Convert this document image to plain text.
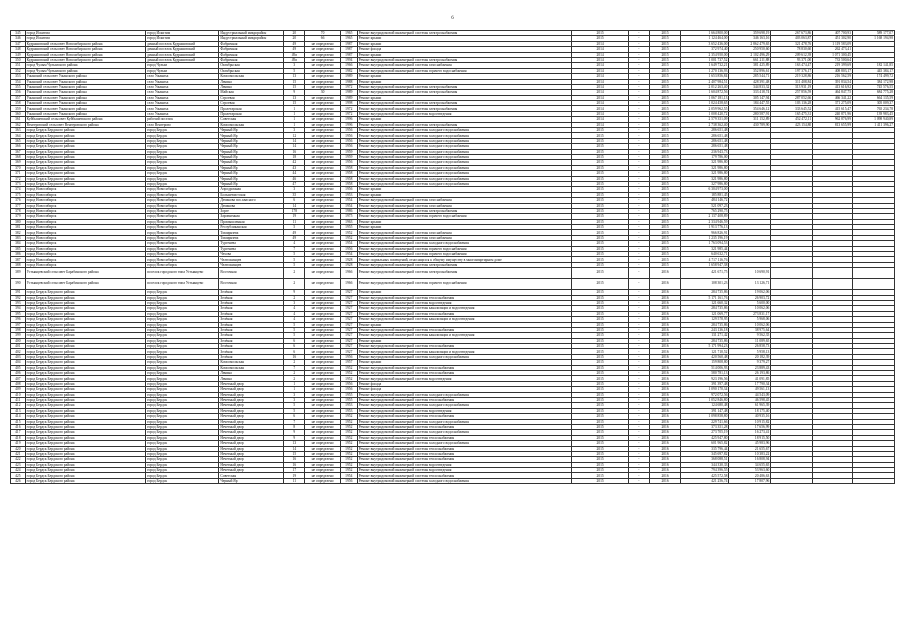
6
345	город Искитим	город Искитим	Индустриальный микрорайон	20	70	1965	Ремонт внутридомовой инженерной системы электроснабжения	2015	-	2015	1 664 800,00	359 698,19	267 673,86	407 700,93	589 177,07
346	город Искитим	город Искитим	Индустриальный микрорайон	20	66	1965	Ремонт крыши	2015	-	2015	1 124 464,00	346 163,16	403 063,87	451 302,90	1 168 194,98
347	Кудряшовский сельсовет Новосибирского района	дачный поселок Кудряшовский	Фабричная	49	не определено	1987	Ремонт крыши	2014	-	2015	3 652 436,00	2 862 479,65	321 478,76	1 119 583,09	
348	Кудряшовский сельсовет Новосибирского района	дачный поселок Кудряшовский	Фабричная	49	не определено	1987	Ремонт фасада	2014	-	2015	372 974,40	250 950,60	78 830,60	262 473,41	
349	Кудряшовский сельсовет Новосибирского района	дачный поселок Кудряшовский	Фабричная	49а	не определено	1987	Ремонт крыши	2014	-	2015	2 354 950,00	2 102 496,29	209 612,39	1 071 300,45	
350	Кудряшовский сельсовет Новосибирского района	дачный поселок Кудряшовский	Фабричная	49а	не определено	1994	Ремонт внутридомовой инженерной системы электроснабжения	2014	-	2015	1 001 737,52	661 211,88	93 371,00	733 500,64	
351	город Чулым Чулымского района	город Чулым	Октябрьская	3	не определено	1966	Ремонт внутридомовой инженерной системы газоснабжения	2014	-	2015	1 649 732,21	381 425,89	163 474,47	219 399,69	182 141,85
352	город Чулым Чулымского района	город Чулым	Октябрьская	5	не определено	1982	Ремонт внутридомовой инженерной системы горячего водоснабжения	2014	-	2015	1 270 136,93	352 896,61	197 376,17	408 803,17	445 384,17
353	Ужанский сельсовет Ужанского района	село Ужаниха	Комсомольская	13	не определено	1989	Ремонт крыши	2014	-	2015	1 653 856,84	285 544,71	219 328,86	216 562,59	174 499,72
354	Ужанский сельсовет Ужанского района	село Ужаниха	Ленина	15	не определено	1988	Ремонт крыши	2014	-	2015	2 407 984,51	428 391,48	311 408,84	391 834,54	384 172,98
355	Ужанский сельсовет Ужанского района	село Ужаниха	Ленина	15	не определено	1972	Ремонт внутридомовой инженерной системы электроснабжения	2014	-	2015	2 012 263,40	344 833,32	313 931,19	413 616,92	745 576,55
356	Ужанский сельсовет Ужанского района	село Ужаниха	Майская	9	30	1989	Ремонт внутридомовой инженерной системы электроснабжения	2014	-	2015	1 604 872,56	333 418,74	257 856,59	464 847,75	684 775,28
357	Ужанский сельсовет Ужанского района	село Ужаниха	Строевая	13	не определено	1989	Ремонт крыши	2014	-	2015	1 067 181,13	305 147,94	287 052,66	466 341,22	664 135,59
358	Ужанский сельсовет Ужанского района	село Ужаниха	Строевая	15	не определено	1998	Ремонт внутридомовой инженерной системы электроснабжения	2014	-	2015	1 024 458,65	184 447,55	103 136,28	371 275,09	305 009,37
359	Ужанский сельсовет Ужанского района	село Ужаниха	Пролетарская	1	не определено	1972	Ремонт внутридомовой инженерной системы электроснабжения	2014	-	2015	2 059 962,55	354 646,12	333 645,52	415 615,47	765 234,78
360	Ужанский сельсовет Ужанского района	село Ужаниха	Пролетарская	1	не определено	1972	Ремонт внутридомовой инженерной системы водоотведения	2014	-	2015	1 008 420,72	280 587,91	165 475,31	240 871,96	139 983,45
361	Куйбышевский сельсовет Куйбышевского района	рабочий поселок	Советская	1	не определено	1996	Ремонт крыши	2014	-	2015	2 579 351,09	311 152,89	452 472,11	962 876,99	1 098 940,89
362	Венгеровский сельсовет Венгеровского района	село Венгерово	Комсомольская	1	не определено	1996	Ремонт внутридомовой инженерной системы электроснабжения	2014	-	2015	2 738 362,40	430 789,90	423 154,80	813 655,99	1 411 396,27
363	город Бердск Бердского района	город Бердск	Черный Яр	3	не определено	1956	Ремонт внутридомовой инженерной системы холодного водоснабжения	2015	-	2015	286 651,48				
364	город Бердск Бердского района	город Бердск	Черный Яр	12	не определено	1956	Ремонт внутридомовой инженерной системы холодного водоснабжения	2015	-	2015	286 651,48				
365	город Бердск Бердского района	город Бердск	Черный Яр	14	не определено	1956	Ремонт внутридомовой инженерной системы холодного водоснабжения	2015	-	2015	286 651,48				
366	город Бердск Бердского района	город Бердск	Черный Яр	14	не определено	1956	Ремонт внутридомовой инженерной системы холодного водоснабжения	2015	-	2015	286 651,48				
367	город Бердск Бердского района	город Бердск	Черный Яр	16	не определено	1959	Ремонт внутридомовой инженерной системы холодного водоснабжения	2015	-	2015	236 943,73				
368	город Бердск Бердского района	город Бердск	Черный Яр	18	не определено	1959	Ремонт внутридомовой инженерной системы холодного водоснабжения	2015	-	2015	179 786,00				
369	город Бердск Бердского района	город Бердск	Черный Яр	42	не определено	1956	Ремонт внутридомовой инженерной системы холодного водоснабжения	2015	-	2015	321 986,80				
370	город Бердск Бердского района	город Бердск	Черный Яр	43	не определено	1958	Ремонт внутридомовой инженерной системы холодного водоснабжения	2015	-	2015	321 986,80				
371	город Бердск Бердского района	город Бердск	Черный Яр	44	не определено	1958	Ремонт внутридомовой инженерной системы холодного водоснабжения	2015	-	2015	321 986,80				
372	город Бердск Бердского района	город Бердск	Черный Яр	46	не определено	1958	Ремонт внутридомовой инженерной системы холодного водоснабжения	2015	-	2015	321 986,80				
373	город Бердск Бердского района	город Бердск	Черный Яр	47	не определено	1958	Ремонт внутридомовой инженерной системы холодного водоснабжения	2015	-	2015	327 986,80				
374	город Новосибирск	город Новосибирск	Аэродромная	3	не определено	1956	Ремонт крыши	2015	-	2015	6 304 973,00				
375	город Новосибирск	город Новосибирск	Большевистская	35	не определено	1953	Ремонт крыши	2015	-	2015	185 881,45				
376	город Новосибирск	город Новосибирск	Демакова пос.квасного	6	не определено	1954	Ремонт внутридомовой инженерной системы газоснабжения	2015	-	2015	484 146,72				
377	город Новосибирск	город Новосибирск	Демакова	14	не определено	1954	Ремонт внутридомовой инженерной системы газоснабжения	2015	-	2015	521 097,23				
378	город Новосибирск	город Новосибирск	Зорге	178	не определено	1986	Ремонт внутридомовой инженерной системы электроснабжения	2015	-	2015	765 290,75				
379	город Новосибирск	город Новосибирск	Заровненная	19	не определено	1975	Ремонт внутридомовой инженерной системы горячего водоснабжения	2015	-	2015	2 137 408,89				
380	город Новосибирск	город Новосибирск	Промышленная	11	не определено	1963	Ремонт крыши	2015	-	2015	2 334 946,59				
381	город Новосибирск	город Новосибирск	Республиканская	5	не определено	1955	Ремонт крыши	2015	-	2015	1 913 776,13				
382	город Новосибирск	город Новосибирск	Тимирязева	49	не определено	1952	Ремонт внутридомовой инженерной системы газоснабжения	2015	-	2015	966 826,91				
383	город Новосибирск	город Новосибирск	Тимирязева	49	не определено	1952	Ремонт внутридомовой инженерной системы газоснабжения	2015	-	2015	1 235 196,19				
384	город Новосибирск	город Новосибирск	Тургенева	4	не определено	1954	Ремонт внутридомовой инженерной системы холодного водоснабжения	2015	-	2015	1 763 094,53				
385	город Новосибирск	город Новосибирск	Тургенева	7	не определено	1956	Ремонт внутридомовой инженерной системы горячего водоснабжения	2015	-	2015	321 985,44				
386	город Новосибирск	город Новосибирск	Чехова	5	не определено	1954	Ремонт внутридомовой инженерной системы горячего водоснабжения	2015	-	2015	640 632,71				
387	город Новосибирск	город Новосибирск	Челюскинцев	5	не определено	1928	Ремонт подвальных помещений, относящихся к общему имуществу в многоквартирном доме	2015	-	2015	4 717 116,76				
388	город Новосибирск	город Новосибирск	Челюскинцев	5	не определено	1928	Ремонт внутридомовой инженерной системы электроснабжения	2015	-	2015	1 658 947,38				
389	Устьянцевский сельсовет Барабинского района	поселок городского типа Устьянцево	Восточная	2	не определено	1966	Ремонт внутридомовой инженерной системы электроснабжения	2015	-	2016	421 671,75	10 690,91			
390	Устьянцевский сельсовет Барабинского района	поселок городского типа Устьянцево	Восточная	2	не определено	1966	Ремонт внутридомовой инженерной системы горячего водоснабжения	2015	-	2016	108 301,23	13 126,71			
391	город Бердск Бердского района	город Бердск	Зелёная	9	не определено	1927	Ремонт крыши	2015	-	2016	284 735,86	19 062,06			
392	город Бердск Бердского района	город Бердск	Зелёная	2	не определено	1927	Ремонт внутридомовой инженерной системы теплоснабжения	2015	-	2016	5 171 161,76	26 903,72			
393	город Бердск Бердского района	город Бердск	Зелёная	3	не определено	1927	Ремонт внутридомовой инженерной системы водоотведения	2015	-	2016	121 660,32	5 600,00			
394	город Бердск Бердского района	город Бердск	Зелёная	4	не определено	1927	Ремонт внутридомовой инженерной системы канализации и водоотведения	2015	-	2016	284 735,86	10 062,06			
395	город Бердск Бердского района	город Бердск	Зелёная	4	не определено	1927	Ремонт внутридомовой инженерной системы теплоснабжения	2015	-	2016	121 069,77	273 831,17			
396	город Бердск Бердского района	город Бердск	Зелёная	4	не определено	1927	Ремонт внутридомовой инженерной системы канализации и водоотведения	2015	-	2016	129 578,95	5 968,06			
397	город Бердск Бердского района	город Бердск	Зелёная	5	не определено	1927	Ремонт крыши	2015	-	2016	284 735,86	10 062,06			
398	город Бердск Бердского района	город Бердск	Зелёная	5	не определено	1927	Ремонт внутридомовой инженерной системы теплоснабжения	2015	-	2016	243 136,18	38 975,64			
399	город Бердск Бердского района	город Бердск	Зелёная	5	не определено	1927	Ремонт внутридомовой инженерной системы канализации и водоотведения	2015	-	2016	131 271,42	9 562,35			
400	город Бердск Бердского района	город Бердск	Зелёная	6	не определено	1927	Ремонт крыши	2015	-	2016	284 735,86	11 089,65			
401	город Бердск Бердского района	город Бердск	Зелёная	6	не определено	1927	Ремонт внутридомовой инженерной системы теплоснабжения	2015	-	2016	5 171 994,23	26 858,73			
402	город Бердск Бердского района	город Бердск	Зелёная	6	не определено	1927	Ремонт внутридомовой инженерной системы канализации и водоотведения	2015	-	2016	121 710,52	5 958,13			
403	город Бердск Бердского района	город Бердск	Зелёная	16	не определено	1956	Ремонт внутридомовой инженерной системы холодного водоснабжения	2015	-	2016	420 560,48	20 182,39			
404	город Бердск Бердского района	город Бердск	Комсомольская	2	не определено	1957	Ремонт крыши	2015	-	2016	159 808,80	9 379,27			
405	город Бердск Бердского района	город Бердск	Комсомольская	7	не определено	1952	Ремонт внутридомовой инженерной системы теплоснабжения	2015	-	2016	514 006,93	23 889,43			
406	город Бердск Бердского района	город Бердск	Ленина	2	не определено	1952	Ремонт внутридомовой инженерной системы теплоснабжения	2015	-	2016	580 781,13	26 193,86			
407	город Бердск Бердского района	город Бердск	Ленина	2	не определено	1952	Ремонт внутридомовой инженерной системы водоотведения	2015	-	2016	923 196,56	41 091,85			
408	город Бердск Бердского района	город Бердск	Нечетный двор	1	не определено	1956	Ремонт фасада	2015	-	2016	391 397,48	17 790,34			
409	город Бердск Бердского района	город Бердск	Нечетный двор	1	не определено	1956	Ремонт фасада	2015	-	2016	1 090 170,34	49 561,13			
410	город Бердск Бердского района	город Бердск	Нечетный двор	3	не определено	1955	Ремонт внутридомовой инженерной системы холодного водоснабжения	2015	-	2016	972 072,56	44 543,09			
411	город Бердск Бердского района	город Бердск	Нечетный двор	3	не определено	1955	Ремонт внутридомовой инженерной системы теплоснабжения	2015	-	2016	1 052 846,80	46 598,45			
412	город Бердск Бердского района	город Бердск	Нечетный двор	5	не определено	1953	Ремонт внутридомовой инженерной системы холодного водоснабжения	2015	-	2016	124 680,48	61 965,39			
413	город Бердск Бердского района	город Бердск	Нечетный двор	5	не определено	1953	Ремонт внутридомовой инженерной системы водоотведения	2015	-	2016	391 147,48	18 175,40			
414	город Бердск Бердского района	город Бердск	Нечетный двор	6	не определено	1952	Ремонт внутридомовой инженерной системы теплоснабжения	2015	-	2016	1 098 858,80	40 935,16			
415	город Бердск Бердского района	город Бердск	Нечетный двор	7	не определено	1952	Ремонт внутридомовой инженерной системы холодного водоснабжения	2015	-	2016	229 741,66	10 915,82			
416	город Бердск Бердского района	город Бердск	Нечетный двор	8	не определено	1952	Ремонт внутридомовой инженерной системы теплоснабжения	2015	-	2016	373 351,28	17 656,99			
417	город Бердск Бердского района	город Бердск	Нечетный двор	9	не определено	1952	Ремонт внутридомовой инженерной системы холодного водоснабжения	2015	-	2016	273 705,19	16 273,41			
418	город Бердск Бердского района	город Бердск	Нечетный двор	9	не определено	1952	Ремонт внутридомовой инженерной системы теплоснабжения	2015	-	2016	425 947,80	18 915,50			
419	город Бердск Бердского района	город Бердск	Нечетный двор	13	не определено	1952	Ремонт внутридомовой инженерной системы холодного водоснабжения	2015	-	2016	601 965,82	45 983,96			
420	город Бердск Бердского района	город Бердск	Нечетный двор	14	не определено	1952	Ремонт внутридомовой инженерной системы теплоснабжения	2015	-	2016	335 796,44	21 655,67			
421	город Бердск Бердского района	город Бердск	Нечетный двор	15	не определено	1952	Ремонт внутридомовой инженерной системы теплоснабжения	2015	-	2016	345 697,82	10 383,22			
422	город Бердск Бердского района	город Бердск	Нечетный двор	16	не определено	1952	Ремонт внутридомовой инженерной системы теплоснабжения	2015	-	2016	368 088,51	16 808,94			
423	город Бердск Бердского района	город Бердск	Нечетный двор	16	не определено	1952	Ремонт внутридомовой инженерной системы водоотведения	2015	-	2016	344 330,33	34 655,65			
424	город Бердск Бердского района	город Бердск	Нечетный двор	17	не определено	1952	Ремонт внутридомовой инженерной системы водоотведения	2015	-	2016	794 396,55	53 963,60			
425	город Бердск Бердского района	город Бердск	Советская	19	не определено	1954	Ремонт внутридомовой инженерной системы теплоснабжения	2015	-	2016	425 572,58	20 486,63			
426	город Бердск Бердского района	город Бердск	Черный Яр	11	не определено	1956	Ремонт внутридомовой инженерной системы холодного водоснабжения	2015	-	2016	421 256,74	17 807,96			
